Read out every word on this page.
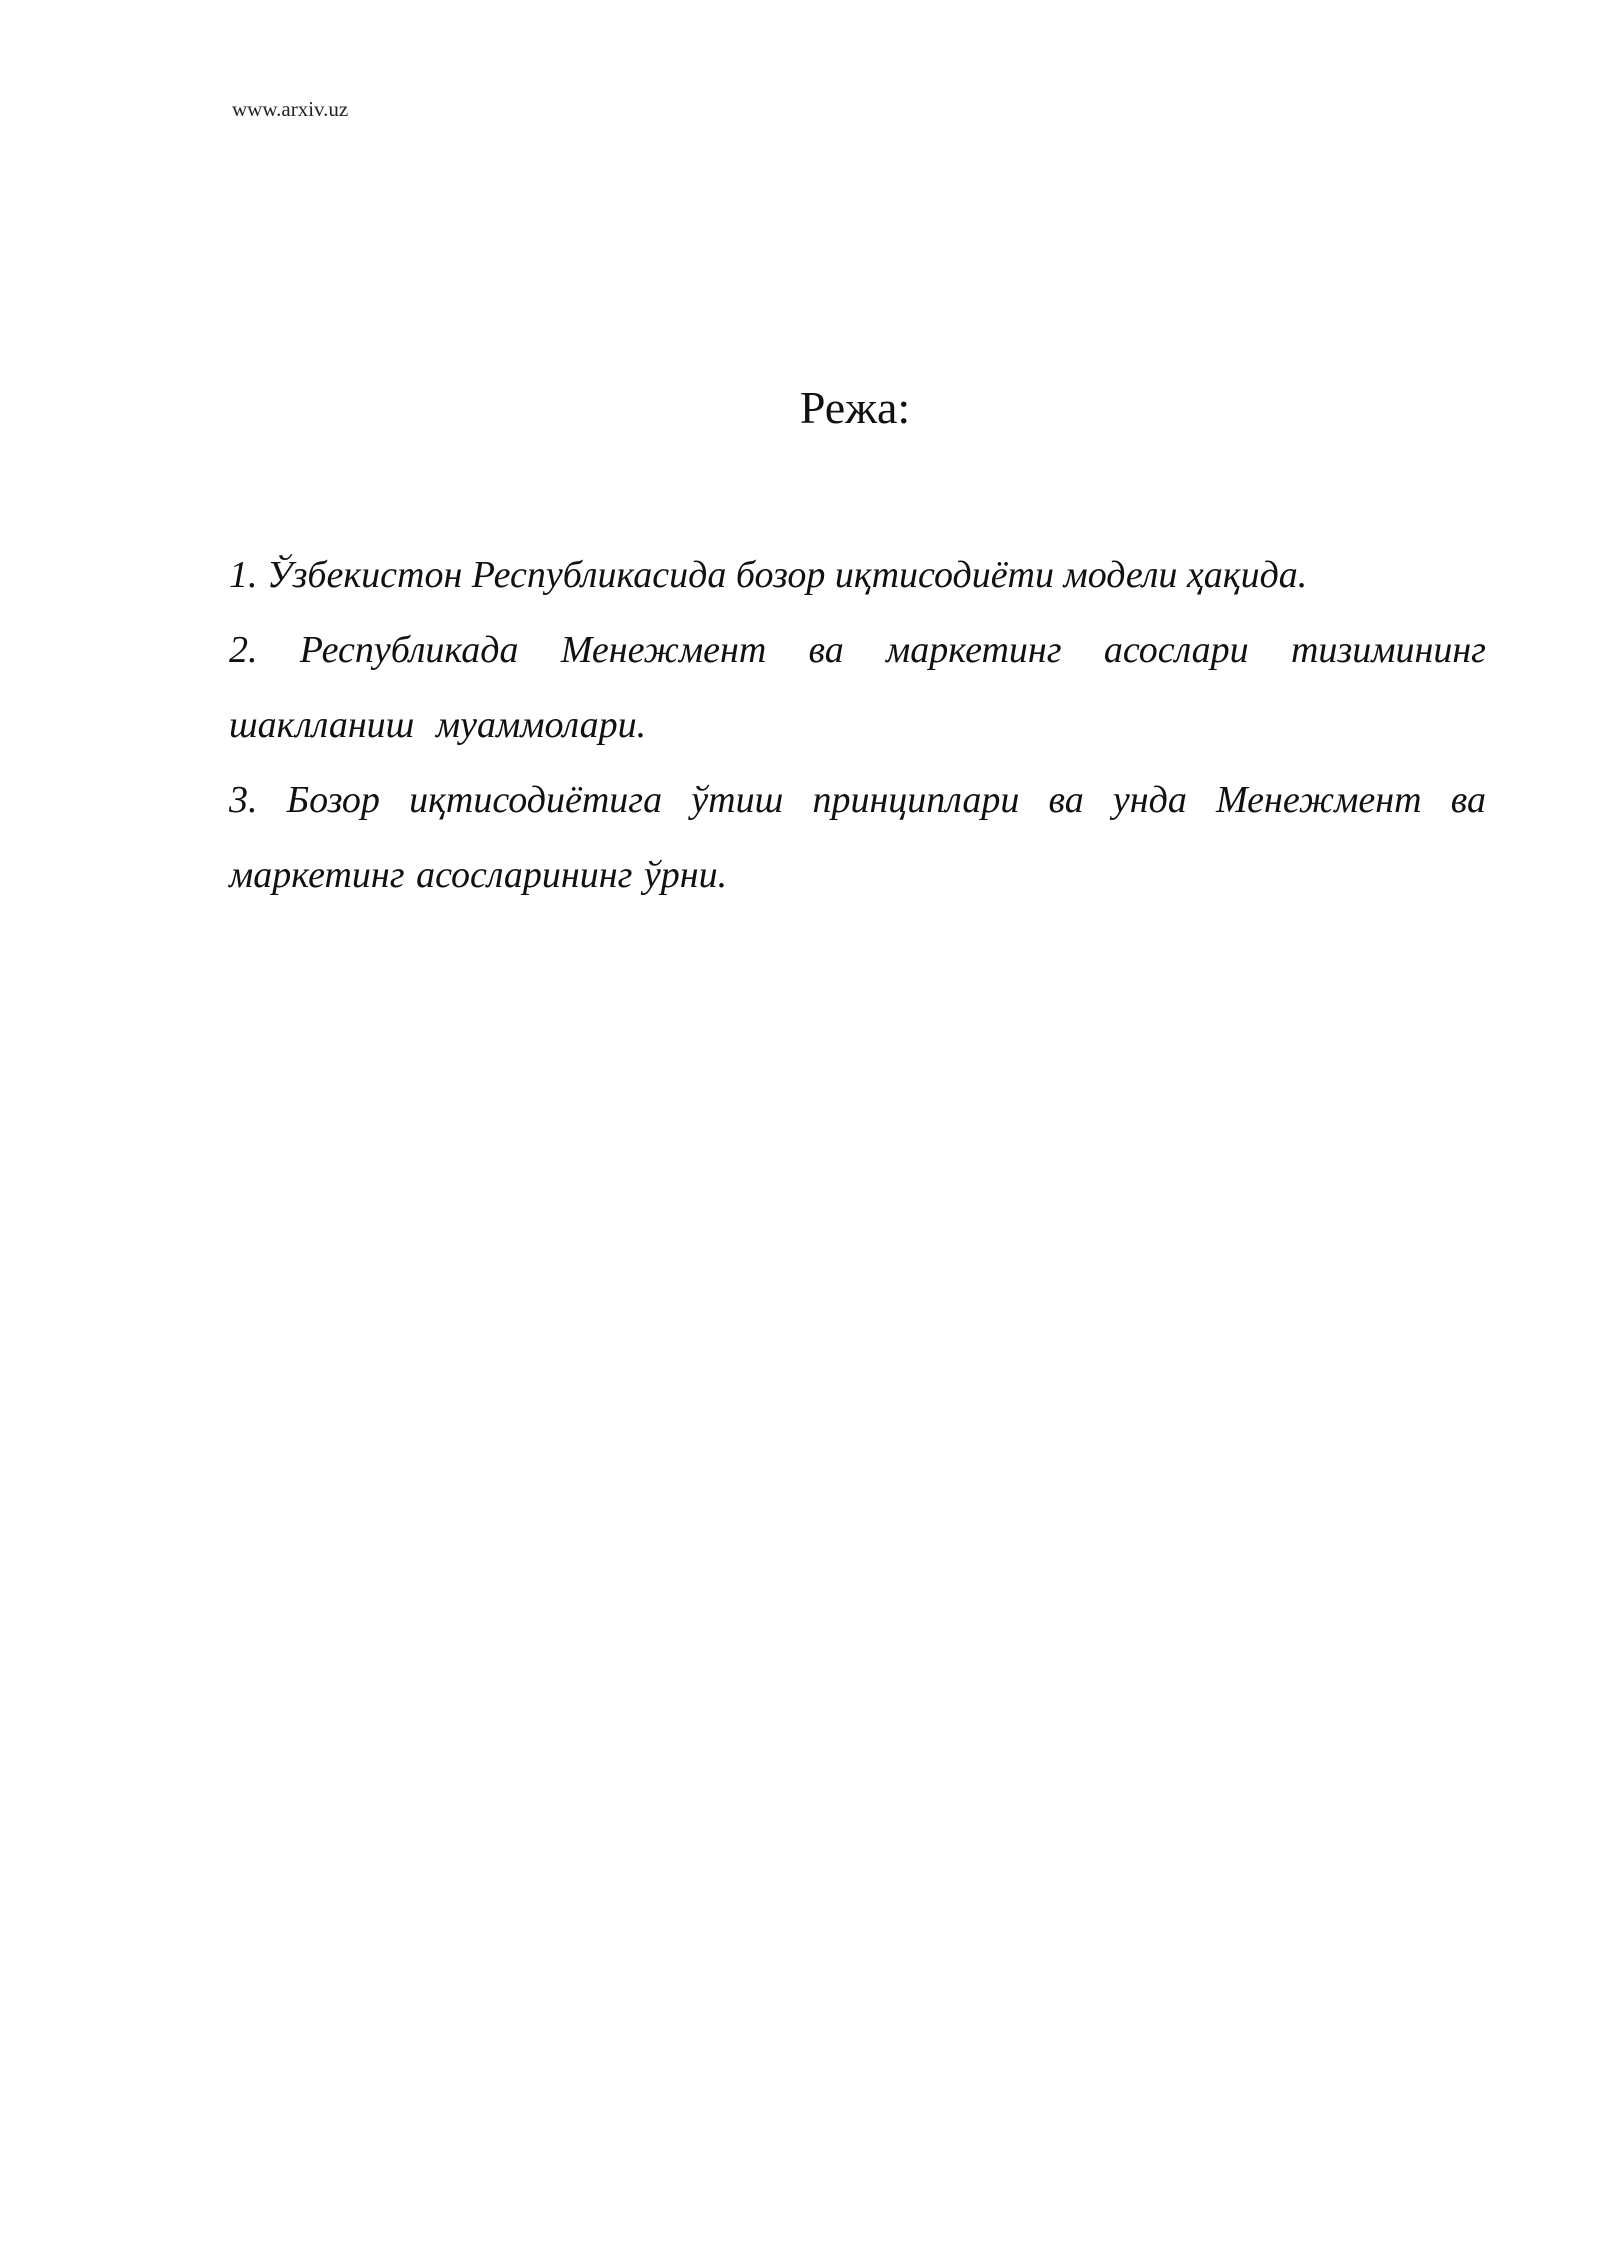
www.arxiv.uz
Режа:
1. Ўзбекистон Республикасида бозор иқтисодиёти модели ҳақида.
2. Республикада Менежмент ва маркетинг асослари тизимининг шаклланиш муаммолари.
3. Бозор иқтисодиётига ўтиш принциплари ва унда Менежмент ва маркетинг асосларининг ўрни.
